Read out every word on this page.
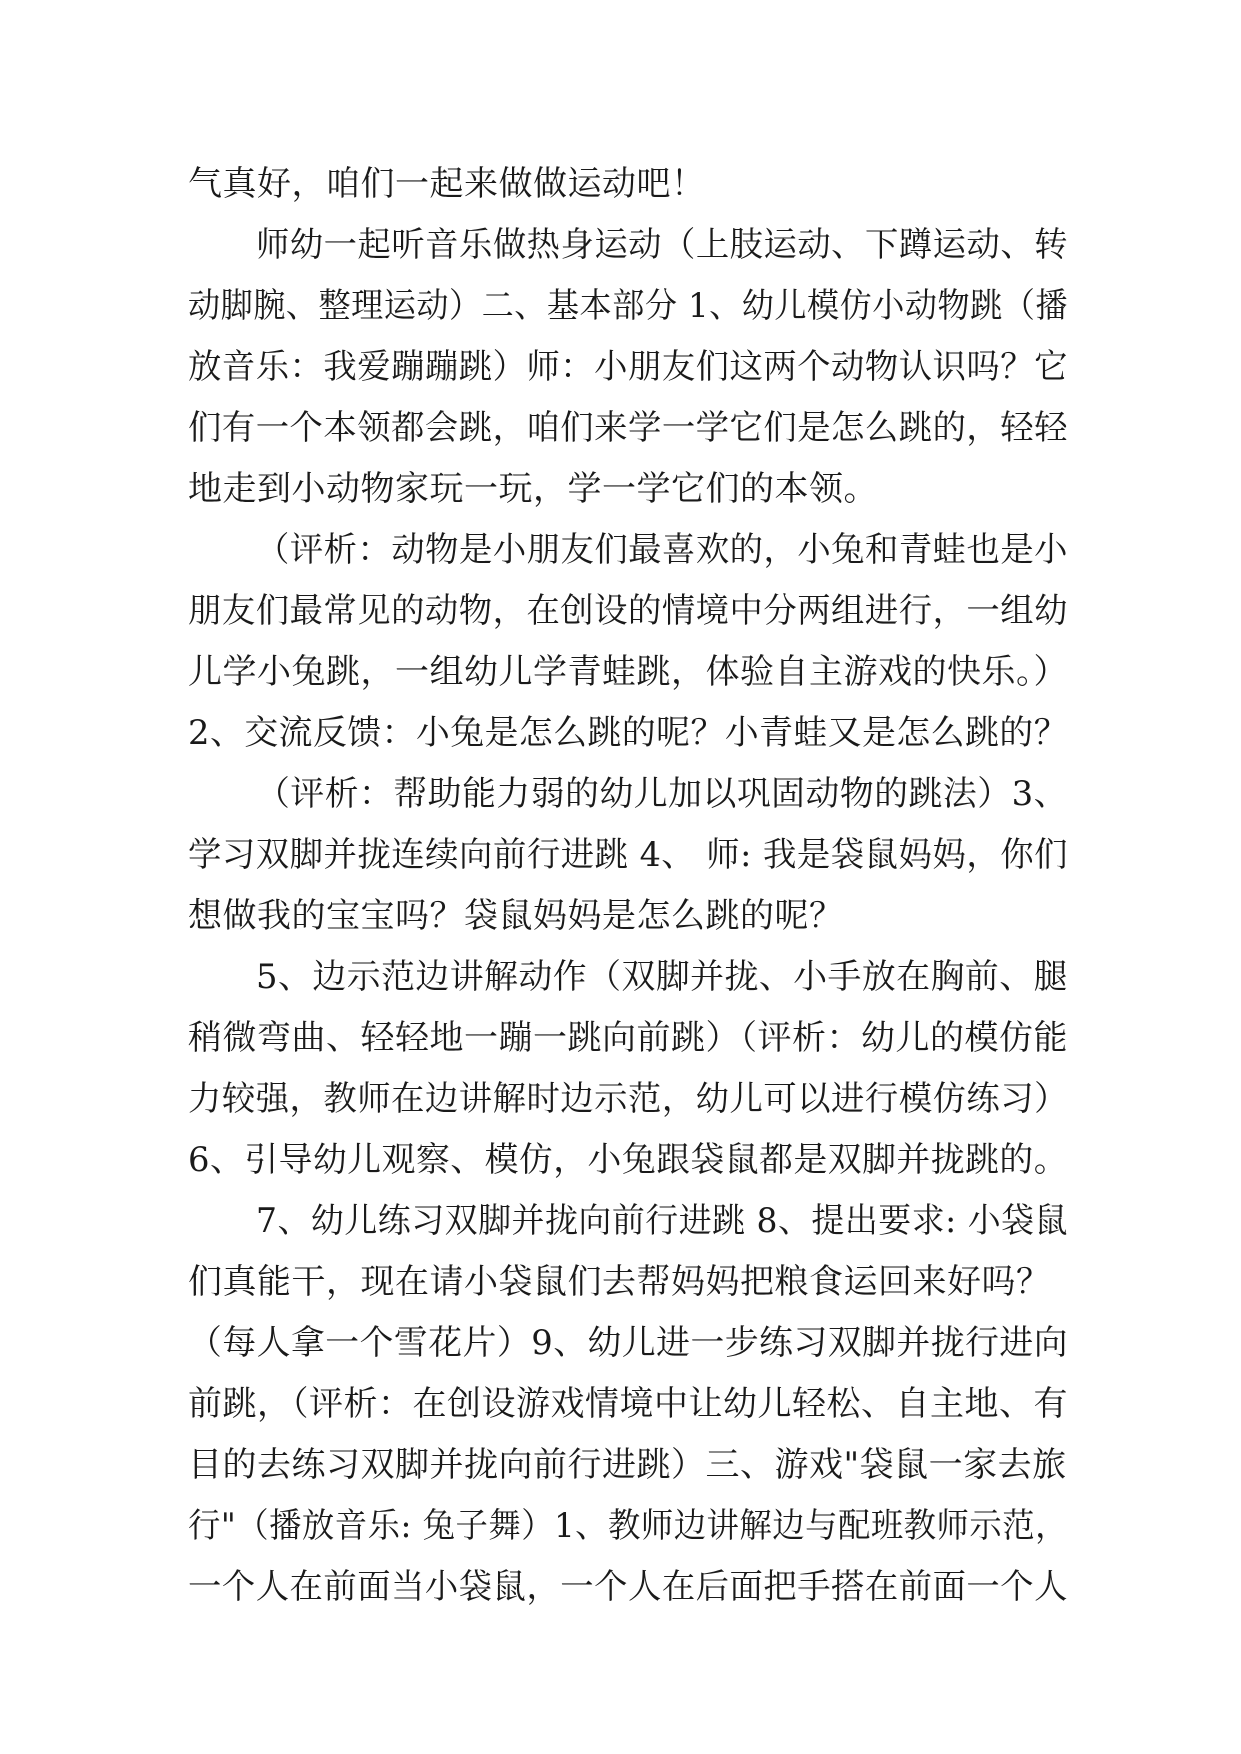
气真好，咱们一起来做做运动吧！
师幼一起听音乐做热身运动（上肢运动、下蹲运动、转
动脚腕、整理运动）二、基本部分 1、幼儿模仿小动物跳（播
放音乐：我爱蹦蹦跳）师：小朋友们这两个动物认识吗？它
们有一个本领都会跳，咱们来学一学它们是怎么跳的，轻轻
地走到小动物家玩一玩，学一学它们的本领。
（评析：动物是小朋友们最喜欢的，小兔和青蛙也是小
朋友们最常见的动物，在创设的情境中分两组进行，一组幼
儿学小兔跳，一组幼儿学青蛙跳，体验自主游戏的快乐。）
2、交流反馈：小兔是怎么跳的呢？小青蛙又是怎么跳的？
（评析：帮助能力弱的幼儿加以巩固动物的跳法）3、
学习双脚并拢连续向前行进跳 4、 师: 我是袋鼠妈妈，你们
想做我的宝宝吗？袋鼠妈妈是怎么跳的呢？
5、边示范边讲解动作（双脚并拢、小手放在胸前、腿
稍微弯曲、轻轻地一蹦一跳向前跳）（评析：幼儿的模仿能
力较强，教师在边讲解时边示范，幼儿可以进行模仿练习）
6、引导幼儿观察、模仿，小兔跟袋鼠都是双脚并拢跳的。
7、幼儿练习双脚并拢向前行进跳 8、提出要求: 小袋鼠
们真能干，现在请小袋鼠们去帮妈妈把粮食运回来好吗？
（每人拿一个雪花片）9、幼儿进一步练习双脚并拢行进向
前跳，（评析：在创设游戏情境中让幼儿轻松、自主地、有
目的去练习双脚并拢向前行进跳）三、游戏"袋鼠一家去旅
行"（播放音乐: 兔子舞）1、教师边讲解边与配班教师示范，
一个人在前面当小袋鼠，一个人在后面把手搭在前面一个人
